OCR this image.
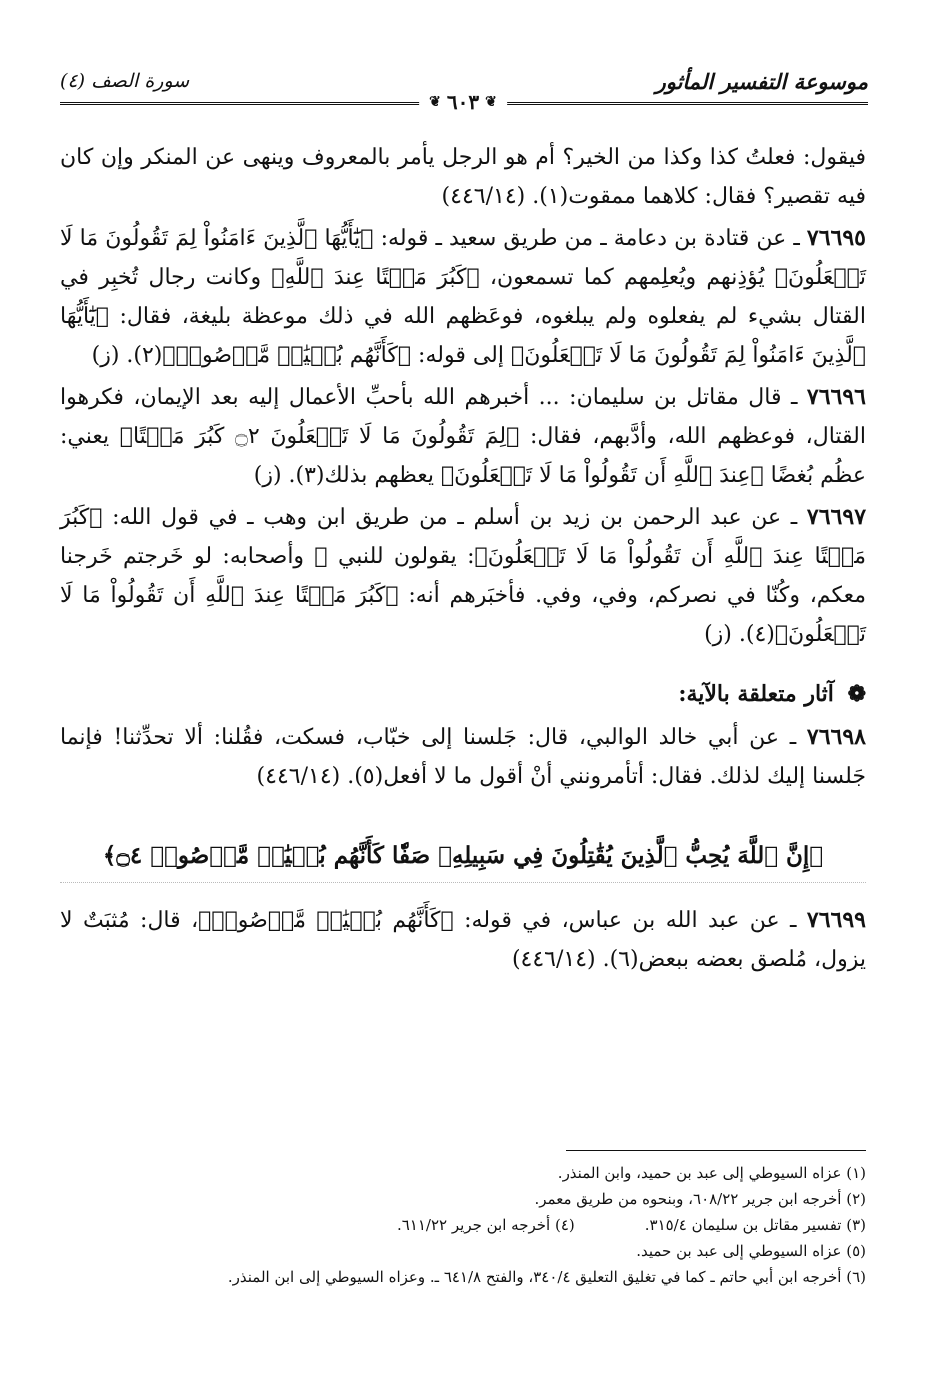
موسوعة التفسير المأثور
سورة الصف (٤)
❦
٦٠٣
❦

فيقول: فعلتُ كذا وكذا من الخير؟ أم هو الرجل يأمر بالمعروف وينهى عن المنكر وإن كان فيه تقصير؟ فقال: كلاهما ممقوت(١). (٤٤٦/١٤)

٧٦٦٩٥ ـ عن قتادة بن دعامة ـ من طريق سعيد ـ قوله: ﴿يَٰٓأَيُّهَا ٱلَّذِينَ ءَامَنُواْ لِمَ تَقُولُونَ مَا لَا تَفۡعَلُونَ﴾ يُؤذِنهم ويُعلِمهم كما تسمعون، ﴿كَبُرَ مَقۡتًا عِندَ ٱللَّهِ﴾ وكانت رجال تُخبِر في القتال بشيء لم يفعلوه ولم يبلغوه، فوعَظهم الله في ذلك موعظة بليغة، فقال: ﴿يَٰٓأَيُّهَا ٱلَّذِينَ ءَامَنُواْ لِمَ تَقُولُونَ مَا لَا تَفۡعَلُونَ﴾ إلى قوله: ﴿كَأَنَّهُم بُنۡيَٰنٞ مَّرۡصُوصٞ﴾(٢). (ز)

٧٦٦٩٦ ـ قال مقاتل بن سليمان: ... أخبرهم الله بأحبِّ الأعمال إليه بعد الإيمان، فكرهوا القتال، فوعظهم الله، وأدَّبهم، فقال: ﴿لِمَ تَقُولُونَ مَا لَا تَفۡعَلُونَ ۝٢ كَبُرَ مَقۡتًا﴾ يعني: عظُم بُغضًا ﴿عِندَ ٱللَّهِ أَن تَقُولُواْ مَا لَا تَفۡعَلُونَ﴾ يعظهم بذلك(٣). (ز)

٧٦٦٩٧ ـ عن عبد الرحمن بن زيد بن أسلم ـ من طريق ابن وهب ـ في قول الله: ﴿كَبُرَ مَقۡتًا عِندَ ٱللَّهِ أَن تَقُولُواْ مَا لَا تَفۡعَلُونَ﴾: يقولون للنبي ﷺ وأصحابه: لو خَرجتم خَرجنا معكم، وكُنّا في نصركم، وفي، وفي. فأخبَرهم أنه: ﴿كَبُرَ مَقۡتًا عِندَ ٱللَّهِ أَن تَقُولُواْ مَا لَا تَفۡعَلُونَ﴾(٤). (ز)

❁ آثار متعلقة بالآية:

٧٦٦٩٨ ـ عن أبي خالد الوالبي، قال: جَلسنا إلى خبّاب، فسكت، فقُلنا: ألا تحدِّثنا! فإنما جَلسنا إليك لذلك. فقال: أتأمرونني أنْ أقول ما لا أفعل(٥). (٤٤٦/١٤)

﴿إِنَّ ٱللَّهَ يُحِبُّ ٱلَّذِينَ يُقَٰتِلُونَ فِي سَبِيلِهِۦ صَفّٗا كَأَنَّهُم بُنۡيَٰنٞ مَّرۡصُوصٞ ۝٤﴾

٧٦٦٩٩ ـ عن عبد الله بن عباس، في قوله: ﴿كَأَنَّهُم بُنۡيَٰنٞ مَّرۡصُوصٞ﴾، قال: مُثبَتٌ لا يزول، مُلصق بعضه ببعض(٦). (٤٤٦/١٤)

(١) عزاه السيوطي إلى عبد بن حميد، وابن المنذر.

(٢) أخرجه ابن جرير ٦٠٨/٢٢، وبنحوه من طريق معمر.

(٣) تفسير مقاتل بن سليمان ٣١٥/٤.

(٤) أخرجه ابن جرير ٦١١/٢٢.

(٥) عزاه السيوطي إلى عبد بن حميد.

(٦) أخرجه ابن أبي حاتم ـ كما في تغليق التعليق ٣٤٠/٤، والفتح ٦٤١/٨ ـ. وعزاه السيوطي إلى ابن المنذر.
